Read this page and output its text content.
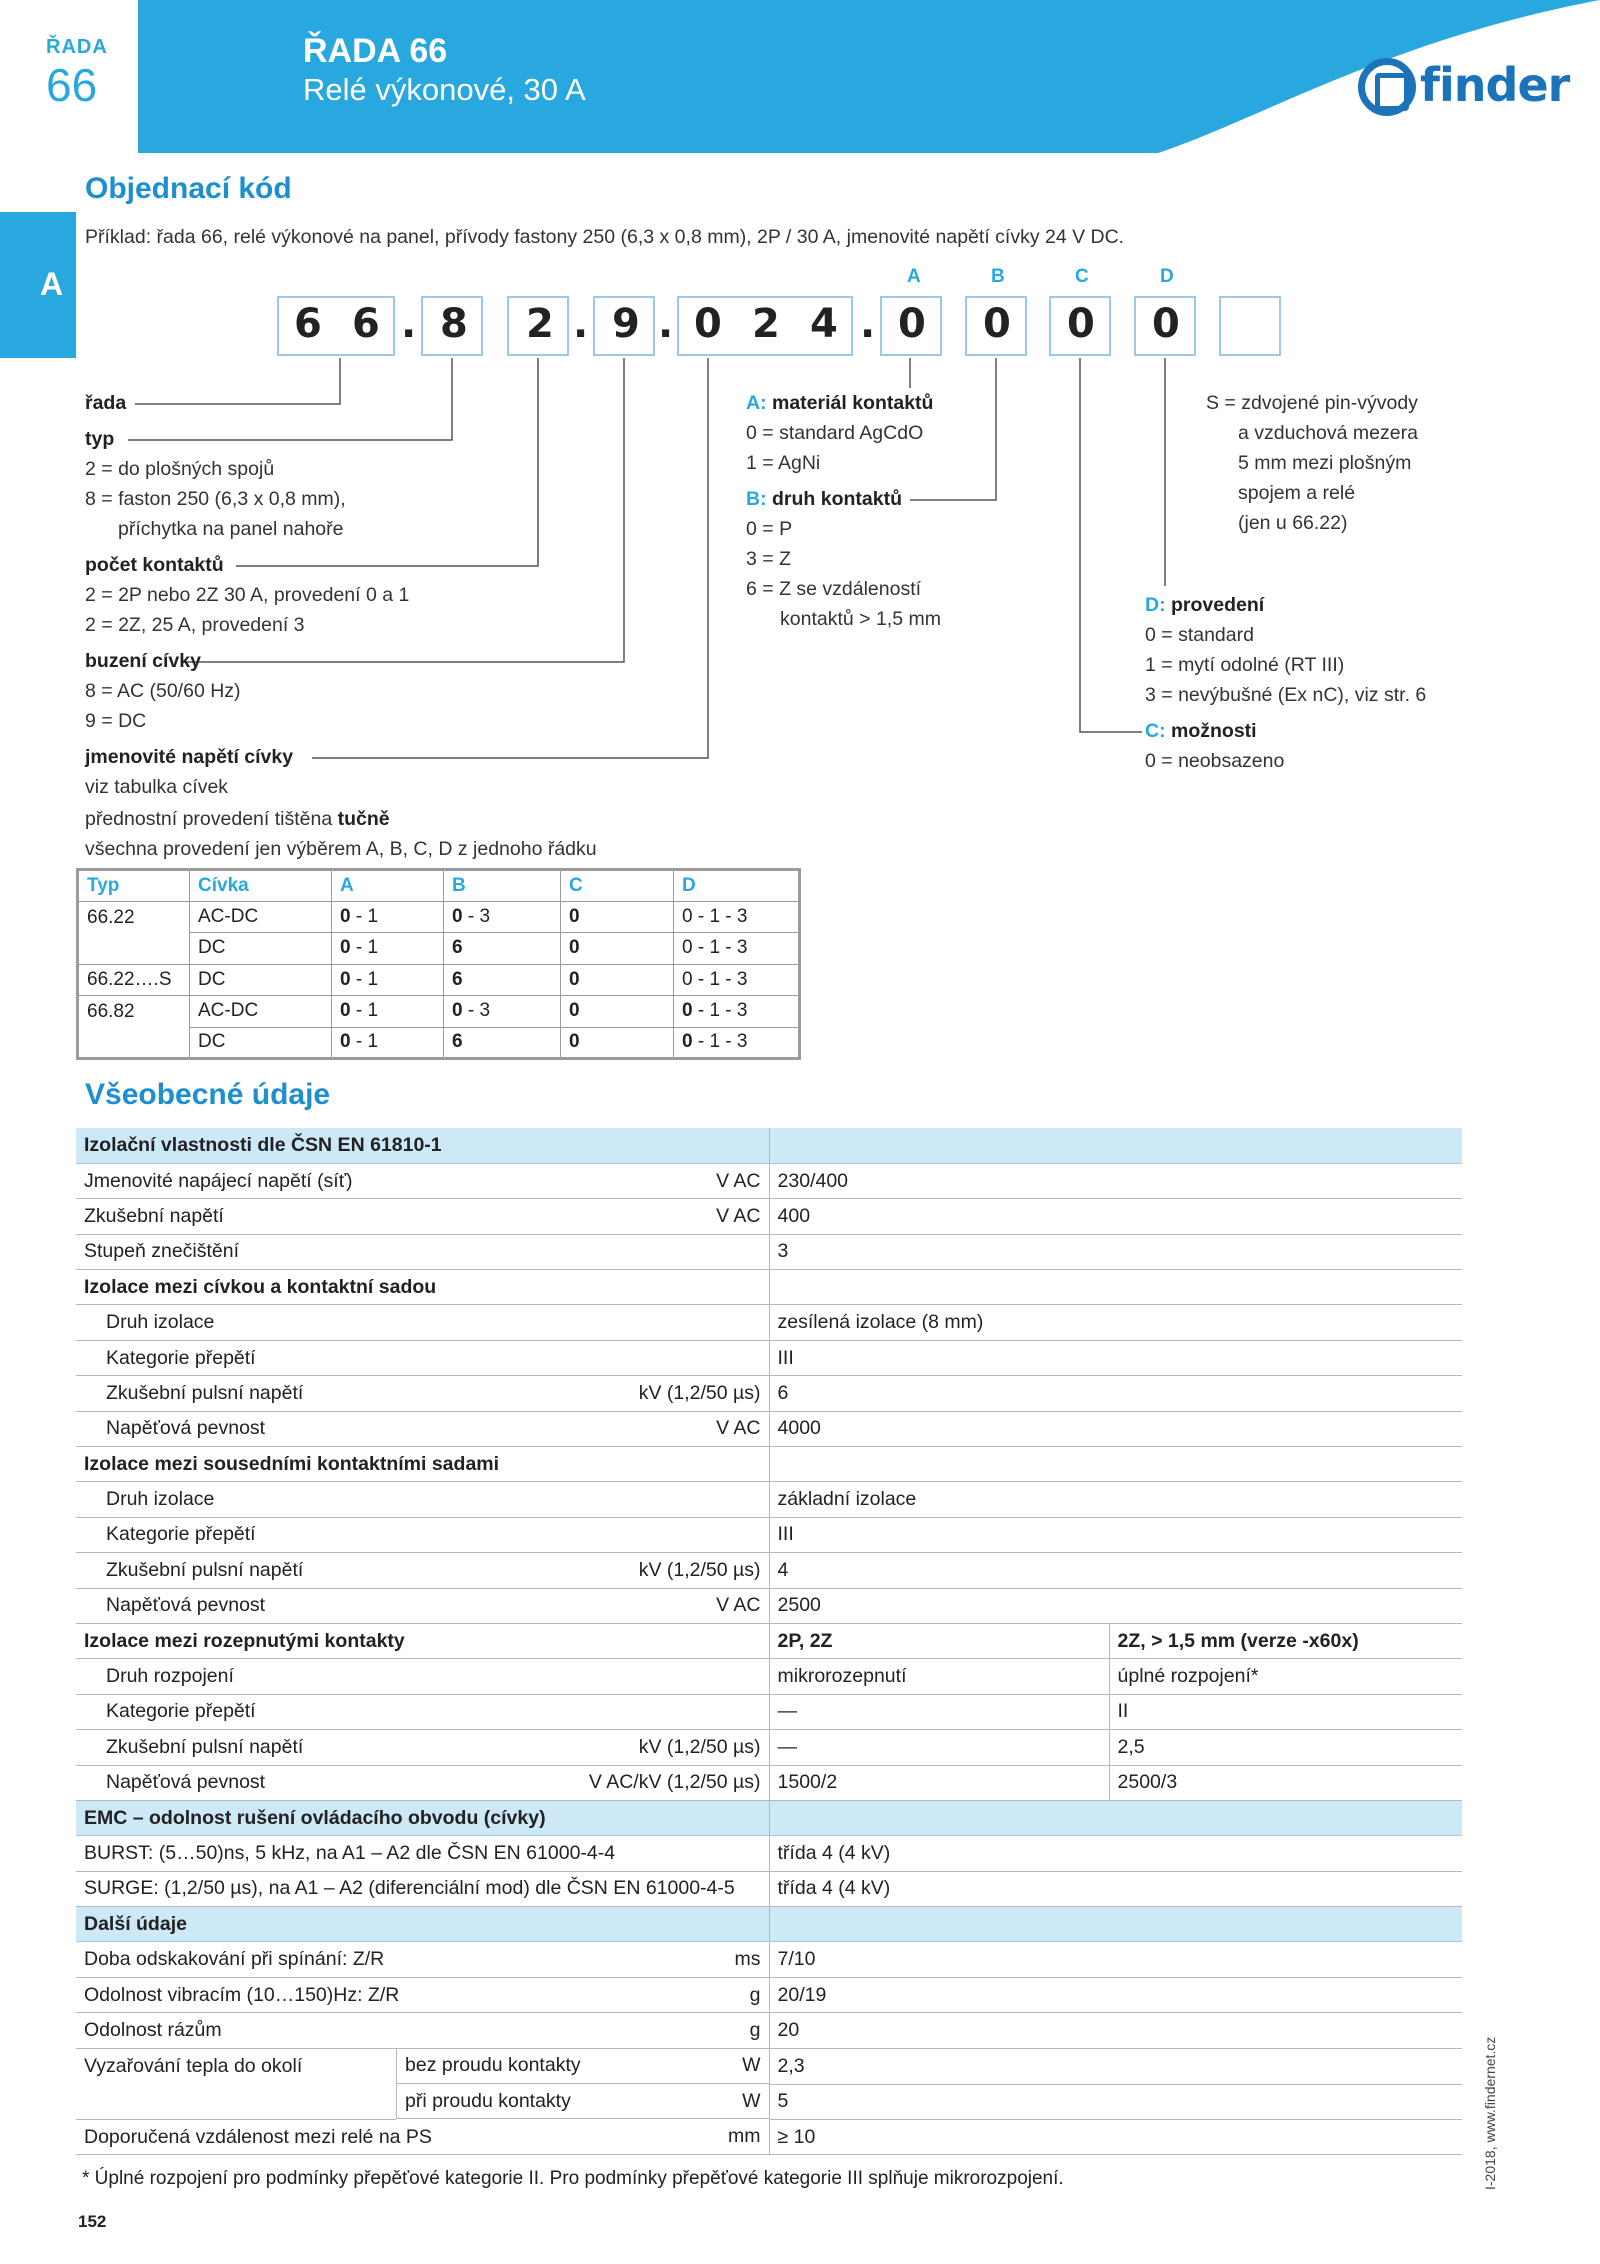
ŘADA
66
ŘADA 66
Relé výkonové, 30 A	finder
A
Objednací kód
Příklad: řada 66, relé výkonové na panel, přívody fastony 250 (6,3 x 0,8 mm), 2P / 30 A, jmenovité napětí cívky 24 V DC.
A	B	C	D
6 6 . 8 2 . 9 . 0 2 4 . 0 0 0 0
řada
typ
2 = do plošných spojů
8 = faston 250 (6,3 x 0,8 mm),
příchytka na panel nahoře
počet kontaktů
2 = 2P nebo 2Z 30 A, provedení 0 a 1
2 = 2Z, 25 A, provedení 3
buzení cívky
8 = AC (50/60 Hz)
9 = DC
jmenovité napětí cívky
viz tabulka cívek
přednostní provedení tištěna tučně
všechna provedení jen výběrem A, B, C, D z jednoho řádku
A: materiál kontaktů
0 = standard AgCdO
1 = AgNi
B: druh kontaktů
0 = P
3 = Z
6 = Z se vzdáleností
kontaktů > 1,5 mm
S = zdvojené pin-vývody
a vzduchová mezera
5 mm mezi plošným
spojem a relé
(jen u 66.22)
D: provedení
0 = standard
1 = mytí odolné (RT III)
3 = nevýbušné (Ex nC), viz str. 6
C: možnosti
0 = neobsazeno
Typ	Cívka	A	B	C	D
66.22	AC-DC	0 - 1	0 - 3	0	0 - 1 - 3
	DC	0 - 1	6	0	0 - 1 - 3
66.22….S	DC	0 - 1	6	0	0 - 1 - 3
66.82	AC-DC	0 - 1	0 - 3	0	0 - 1 - 3
	DC	0 - 1	6	0	0 - 1 - 3
Všeobecné údaje
Izolační vlastnosti dle ČSN EN 61810-1			
Jmenovité napájecí napětí (síť)	V AC	230/400	
Zkušební napětí	V AC	400	
Stupeň znečištění		3	
Izolace mezi cívkou a kontaktní sadou			
Druh izolace		zesílená izolace (8 mm)	
Kategorie přepětí		III	
Zkušební pulsní napětí	kV (1,2/50 µs)	6	
Napěťová pevnost	V AC	4000	
Izolace mezi sousedními kontaktními sadami			
Druh izolace		základní izolace	
Kategorie přepětí		III	
Zkušební pulsní napětí	kV (1,2/50 µs)	4	
Napěťová pevnost	V AC	2500	
Izolace mezi rozepnutými kontakty		2P, 2Z	2Z, > 1,5 mm (verze -x60x)
Druh rozpojení		mikrorozepnutí	úplné rozpojení*
Kategorie přepětí		—	II
Zkušební pulsní napětí	kV (1,2/50 µs)	—	2,5
Napěťová pevnost	V AC/kV (1,2/50 µs)	1500/2	2500/3
EMC – odolnost rušení ovládacího obvodu (cívky)			
BURST: (5…50)ns, 5 kHz, na A1 – A2 dle ČSN EN 61000-4-4		třída 4 (4 kV)	
SURGE: (1,2/50 µs), na A1 – A2 (diferenciální mod) dle ČSN EN 61000-4-5		třída 4 (4 kV)	
Další údaje			
Doba odskakování při spínání: Z/R	ms	7/10	
Odolnost vibracím (10…150)Hz: Z/R	g	20/19	
Odolnost rázům	g	20	
Vyzařování tepla do okolí		bez proudu kontakty	W 2,3	

při proudu kontakty	W 5	
Doporučená vzdálenost mezi relé na PS	mm	≥ 10	
* Úplné rozpojení pro podmínky přepěťové kategorie II. Pro podmínky přepěťové kategorie III splňuje mikrorozpojení.
152
I-2018, www.findernet.cz
